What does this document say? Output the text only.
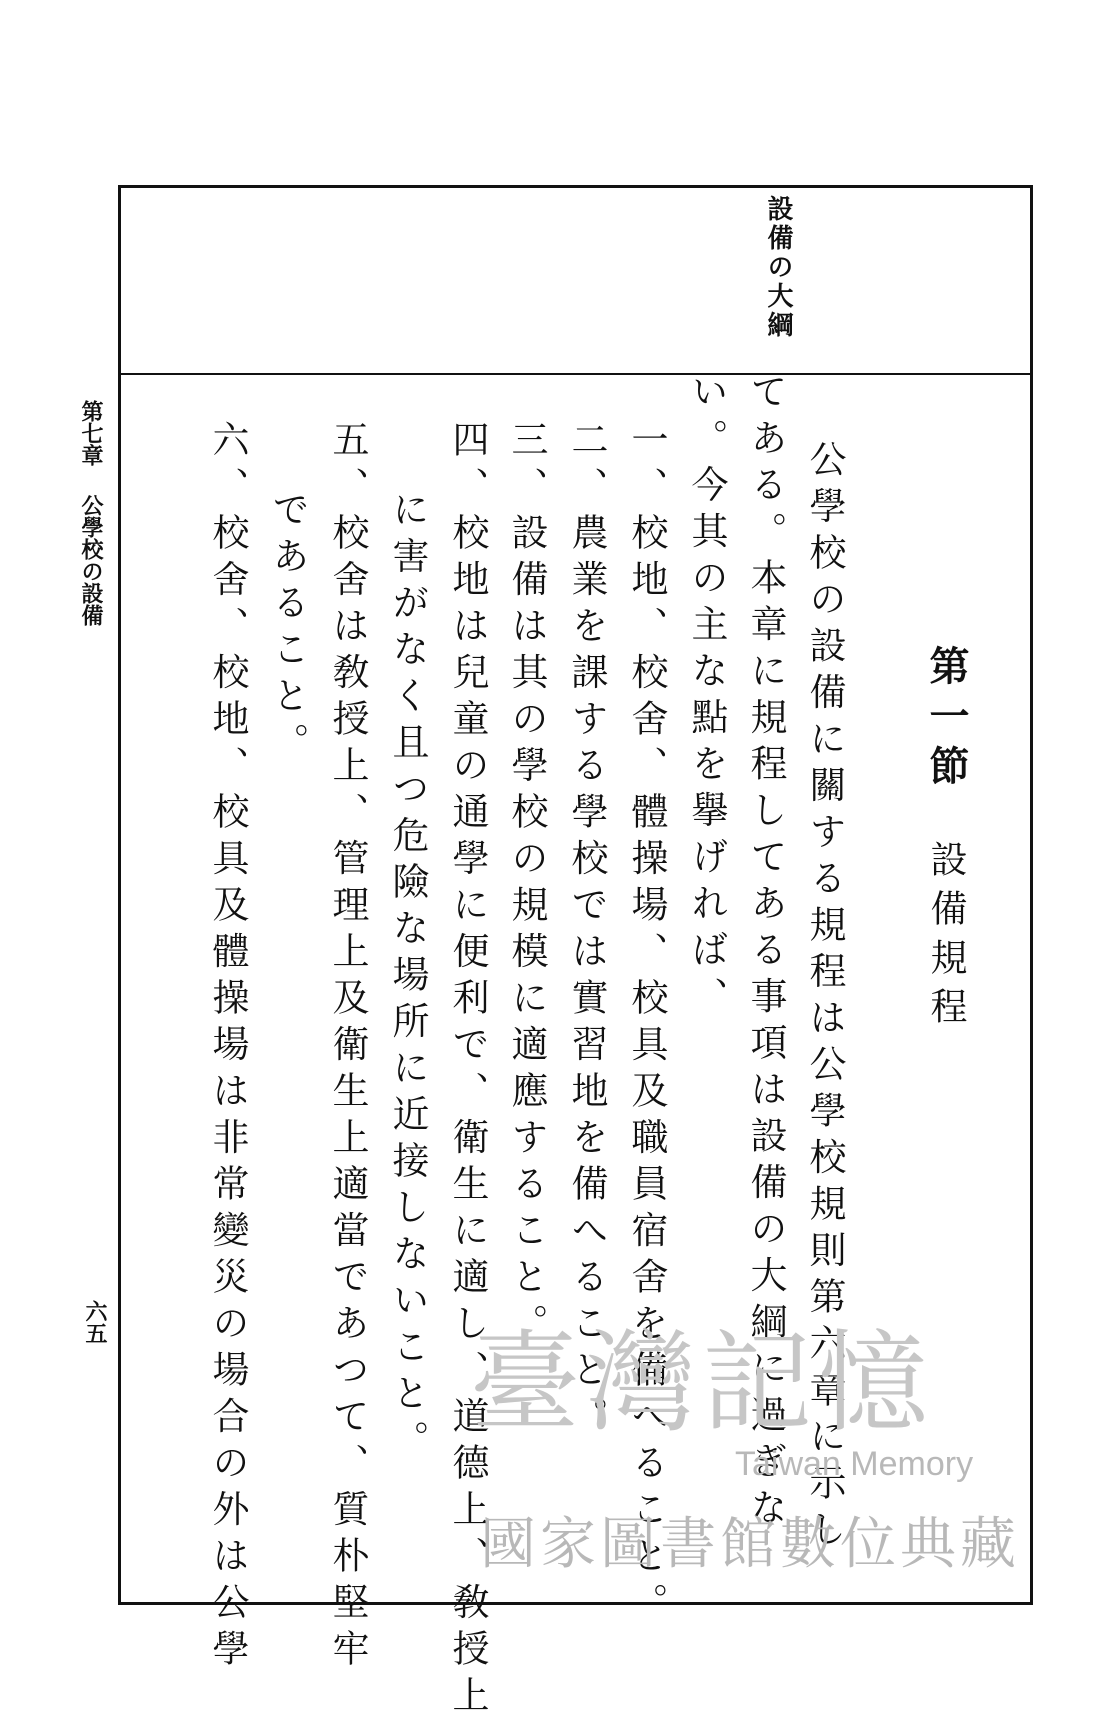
設備の大綱
第七章公學校の設備
六五
第一節
設備規程
公學校の設備に關する規程は公學校規則第六章に示し
てある。本章に規程してある事項は設備の大綱に過ぎな
い。今其の主な點を擧げれば、
一、校地、校舍、體操場、校具及職員宿舍を備へること。
二、農業を課する學校では實習地を備へること。
三、設備は其の學校の規模に適應すること。
四、校地は兒童の通學に便利で、衛生に適し、道德上、敎授上
に害がなく且つ危險な場所に近接しないこと。
五、校舍は敎授上、管理上及衛生上適當であつて、質朴堅牢
であること。
六、校舍、校地、校具及體操場は非常變災の場合の外は公學 臺灣記憶
Taiwan Memory
國家圖書館數位典藏
